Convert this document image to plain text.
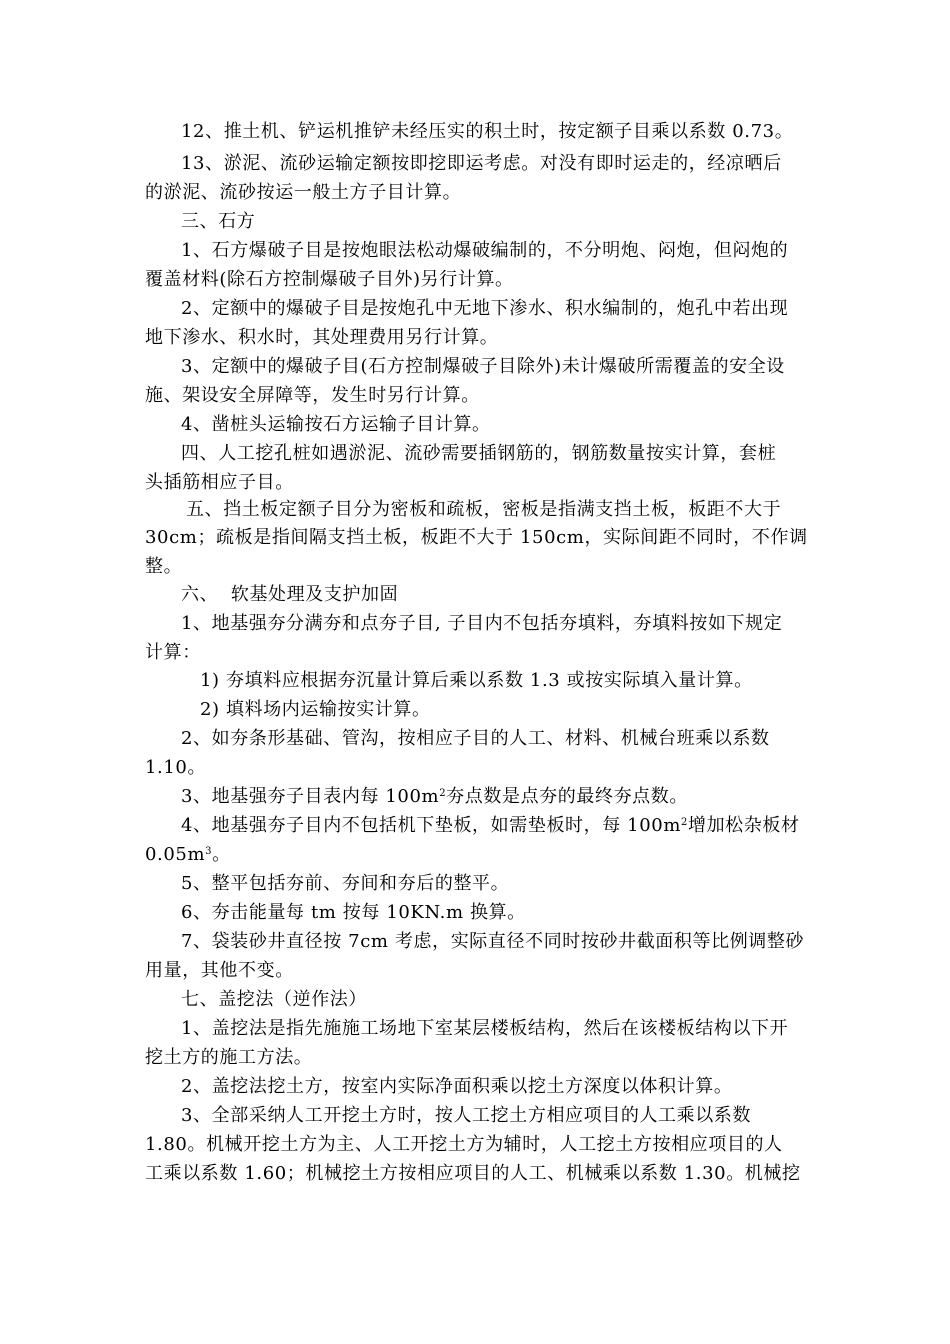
12、推土机、铲运机推铲未经压实的积土时，按定额子目乘以系数 0.73。
13、淤泥、流砂运输定额按即挖即运考虑。对没有即时运走的，经凉晒后
的淤泥、流砂按运一般土方子目计算。
三、石方
1、石方爆破子目是按炮眼法松动爆破编制的，不分明炮、闷炮，但闷炮的
覆盖材料(除石方控制爆破子目外)另行计算。
2、定额中的爆破子目是按炮孔中无地下渗水、积水编制的，炮孔中若出现
地下渗水、积水时，其处理费用另行计算。
3、定额中的爆破子目(石方控制爆破子目除外)未计爆破所需覆盖的安全设
施、架设安全屏障等，发生时另行计算。
4、凿桩头运输按石方运输子目计算。
四、人工挖孔桩如遇淤泥、流砂需要插钢筋的，钢筋数量按实计算，套桩
头插筋相应子目。
五、挡土板定额子目分为密板和疏板，密板是指满支挡土板，板距不大于
30cm；疏板是指间隔支挡土板，板距不大于 150cm，实际间距不同时，不作调
整。
六、  软基处理及支护加固
1、地基强夯分满夯和点夯子目, 子目内不包括夯填料，夯填料按如下规定
计算：
1) 夯填料应根据夯沉量计算后乘以系数 1.3 或按实际填入量计算。
2) 填料场内运输按实计算。
2、如夯条形基础、管沟，按相应子目的人工、材料、机械台班乘以系数
1.10。
3、地基强夯子目表内每 $100m^2$夯点数是点夯的最终夯点数。
4、地基强夯子目内不包括机下垫板，如需垫板时，每 $100m^2$增加松杂板材
$0.05m^3$。
5、整平包括夯前、夯间和夯后的整平。
6、夯击能量每 tm 按每 10KN.m 换算。
7、袋装砂井直径按 7cm 考虑，实际直径不同时按砂井截面积等比例调整砂
用量，其他不变。
七、盖挖法（逆作法）
1、盖挖法是指先施施工场地下室某层楼板结构，然后在该楼板结构以下开
挖土方的施工方法。
2、盖挖法挖土方，按室内实际净面积乘以挖土方深度以体积计算。
3、全部采纳人工开挖土方时，按人工挖土方相应项目的人工乘以系数
1.80。机械开挖土方为主、人工开挖土方为辅时，人工挖土方按相应项目的人
工乘以系数 1.60；机械挖土方按相应项目的人工、机械乘以系数 1.30。机械挖
